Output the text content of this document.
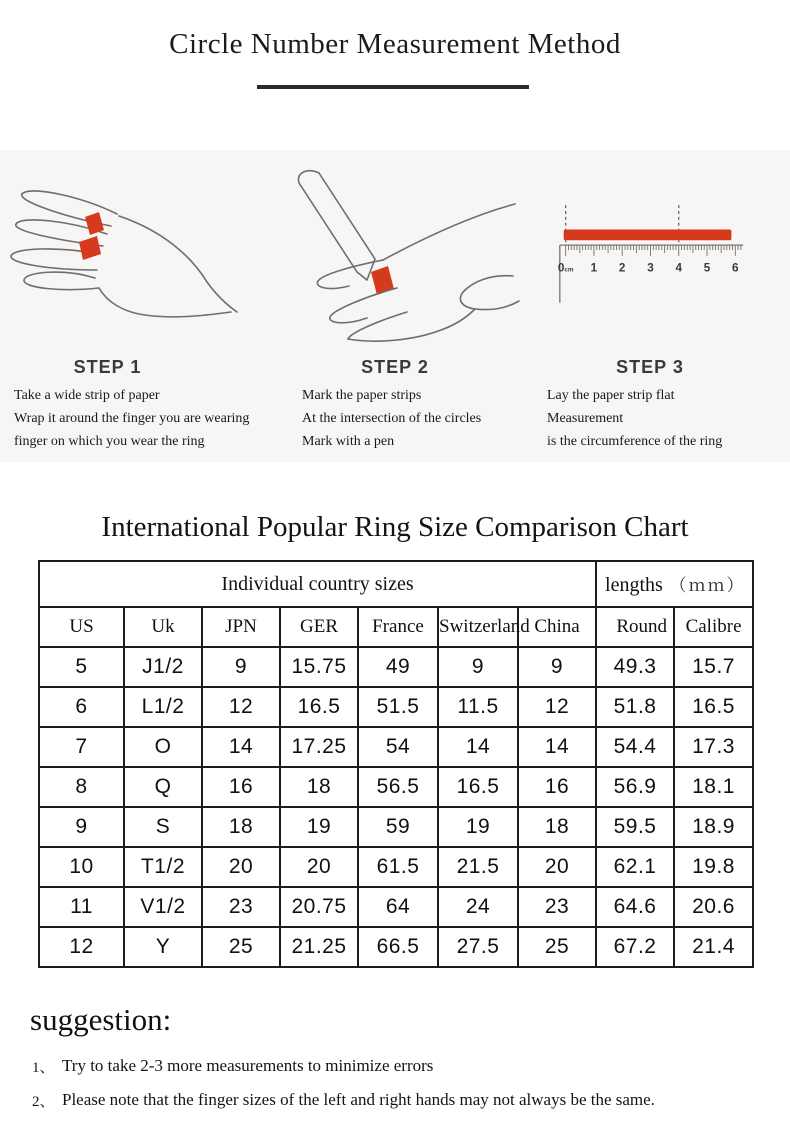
Circle Number Measurement Method
0cm 1 2 3 4 5 6
STEP 1	STEP 2	STEP 3
Take a wide strip of paper
Wrap it around the finger you are wearing
finger on which you wear the ring
Mark the paper strips
At the intersection of the circles
Mark with a pen
Lay the paper strip flat
Measurement
is the circumference of the ring
International Popular Ring Size Comparison Chart
Individual country sizes							lengths （ｍｍ）	
US	Uk	JPN	GER	France	Switzerland	China	Round	Calibre
5	J1/2	9	15.75	49	9	9	49.3	15.7
6	L1/2	12	16.5	51.5	11.5	12	51.8	16.5
7	O	14	17.25	54	14	14	54.4	17.3
8	Q	16	18	56.5	16.5	16	56.9	18.1
9	S	18	19	59	19	18	59.5	18.9
10	T1/2	20	20	61.5	21.5	20	62.1	19.8
11	V1/2	23	20.75	64	24	23	64.6	20.6
12	Y	25	21.25	66.5	27.5	25	67.2	21.4
suggestion:
1、 Try to take 2-3 more measurements to minimize errors
2、 Please note that the finger sizes of the left and right hands may not always be the same.
